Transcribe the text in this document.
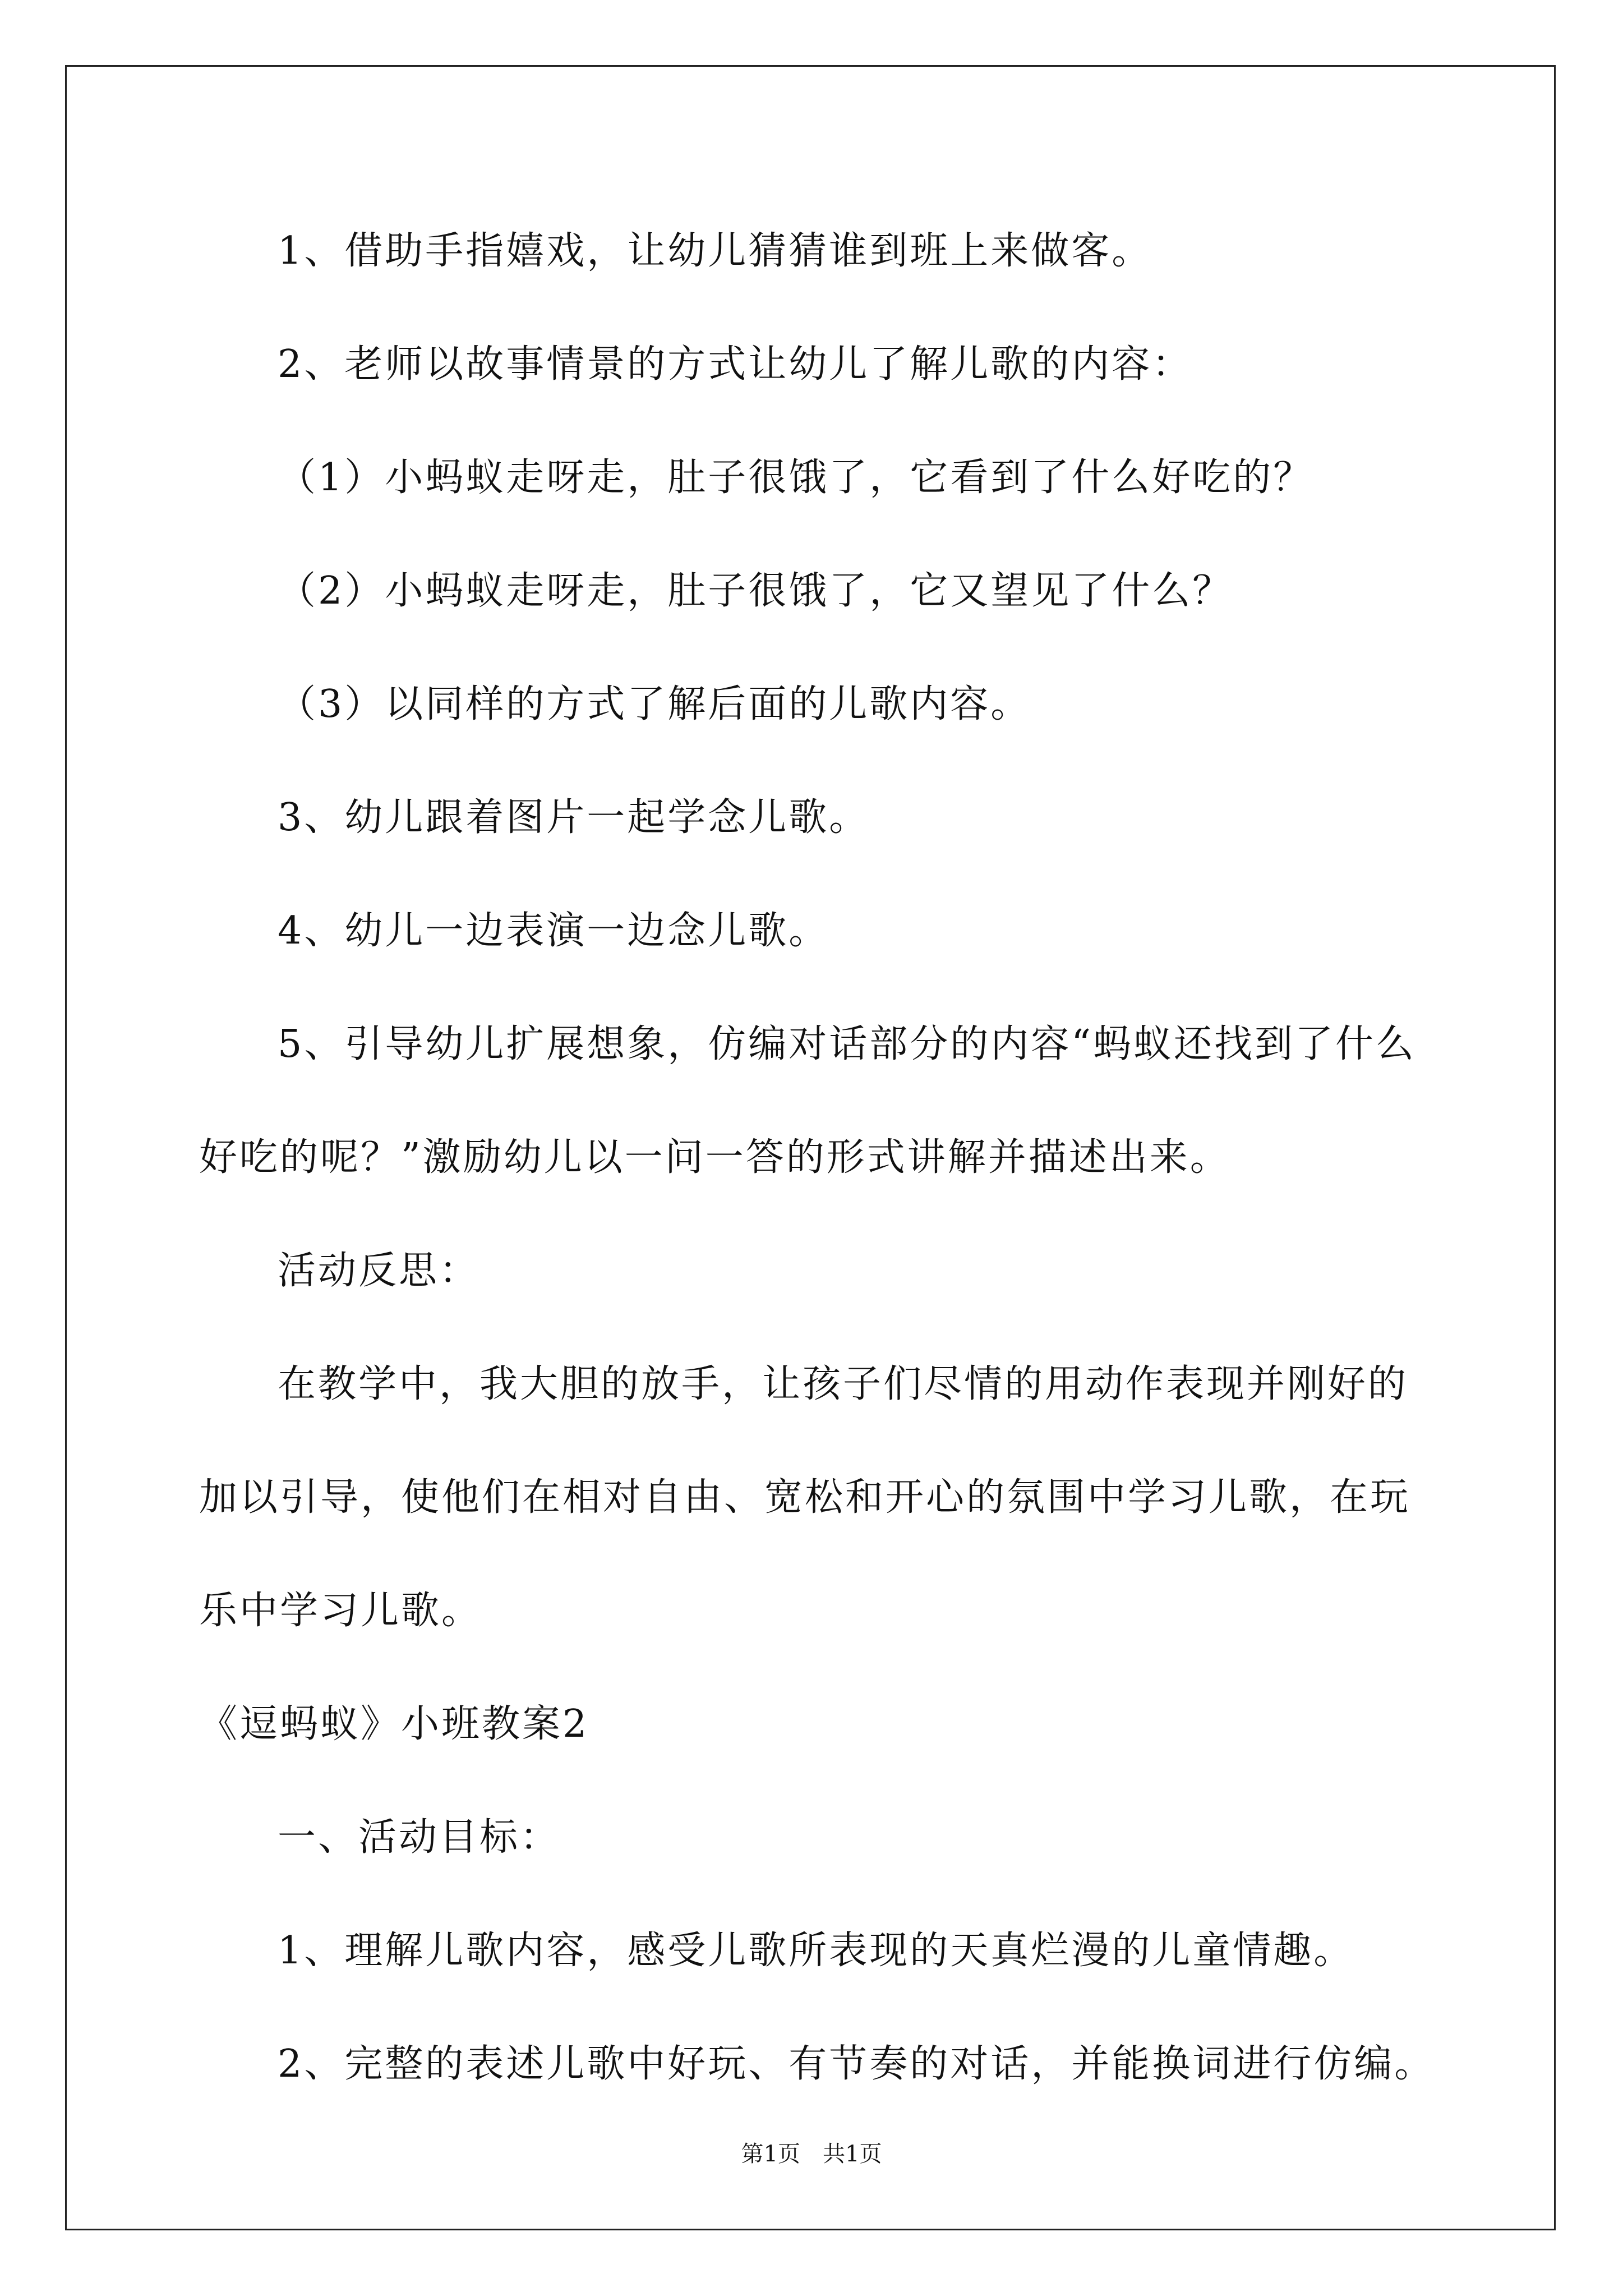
1、借助手指嬉戏，让幼儿猜猜谁到班上来做客。
2、老师以故事情景的方式让幼儿了解儿歌的内容：
（1）小蚂蚁走呀走，肚子很饿了，它看到了什么好吃的？
（2）小蚂蚁走呀走，肚子很饿了，它又望见了什么？
（3）以同样的方式了解后面的儿歌内容。
3、幼儿跟着图片一起学念儿歌。
4、幼儿一边表演一边念儿歌。
5、引导幼儿扩展想象，仿编对话部分的内容“蚂蚁还找到了什么
好吃的呢？”激励幼儿以一问一答的形式讲解并描述出来。
活动反思：
在教学中，我大胆的放手，让孩子们尽情的用动作表现并刚好的
加以引导，使他们在相对自由、宽松和开心的氛围中学习儿歌，在玩
乐中学习儿歌。
《逗蚂蚁》小班教案2
一、活动目标：
1、理解儿歌内容，感受儿歌所表现的天真烂漫的儿童情趣。
2、完整的表述儿歌中好玩、有节奏的对话，并能换词进行仿编。
第1页　共1页
